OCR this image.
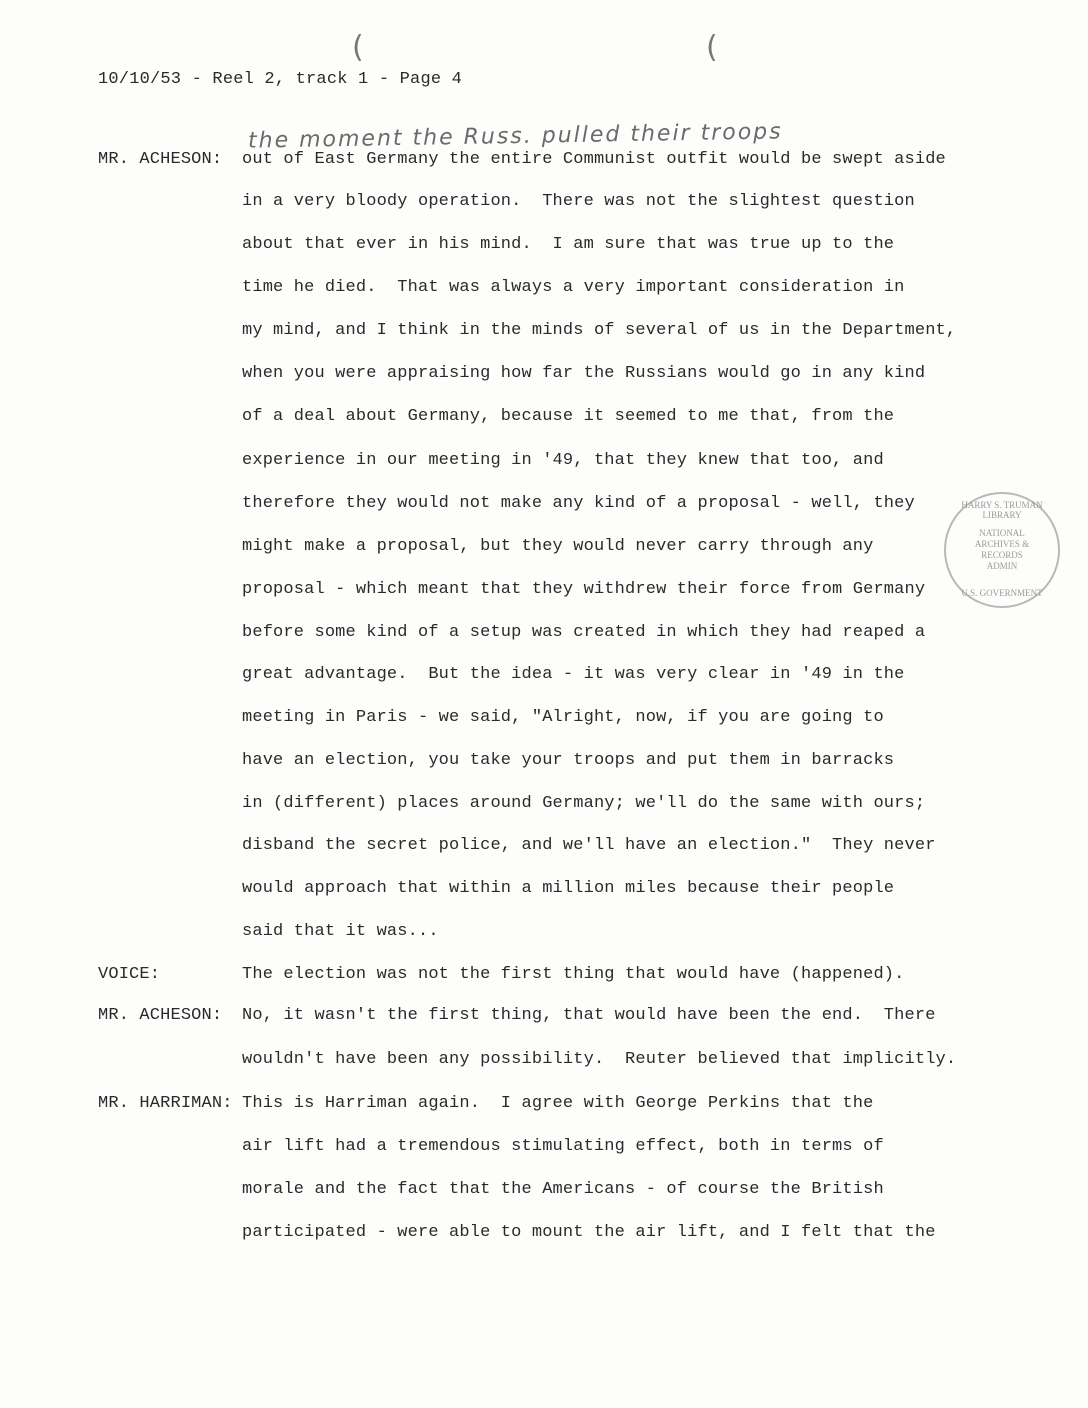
(	(
10/10/53 - Reel 2, track 1 - Page 4
the moment the Russ. pulled their troops
MR. ACHESON: out of East Germany the entire Communist outfit would be swept aside
in a very bloody operation.  There was not the slightest question
about that ever in his mind.  I am sure that was true up to the
time he died.  That was always a very important consideration in
my mind, and I think in the minds of several of us in the Department,
when you were appraising how far the Russians would go in any kind
of a deal about Germany, because it seemed to me that, from the
experience in our meeting in '49, that they knew that too, and
therefore they would not make any kind of a proposal - well, they
might make a proposal, but they would never carry through any
proposal - which meant that they withdrew their force from Germany
before some kind of a setup was created in which they had reaped a
great advantage.  But the idea - it was very clear in '49 in the
meeting in Paris - we said, "Alright, now, if you are going to
have an election, you take your troops and put them in barracks
in (different) places around Germany; we'll do the same with ours;
disband the secret police, and we'll have an election."  They never
would approach that within a million miles because their people
said that it was...
VOICE:	The election was not the first thing that would have (happened).
MR. ACHESON: No, it wasn't the first thing, that would have been the end.  There
wouldn't have been any possibility.  Reuter believed that implicitly.
MR. HARRIMAN: This is Harriman again.  I agree with George Perkins that the
air lift had a tremendous stimulating effect, both in terms of
morale and the fact that the Americans - of course the British
participated - were able to mount the air lift, and I felt that the
HARRY S. TRUMAN LIBRARY
NATIONAL ARCHIVES & RECORDS ADMIN
U.S. GOVERNMENT
